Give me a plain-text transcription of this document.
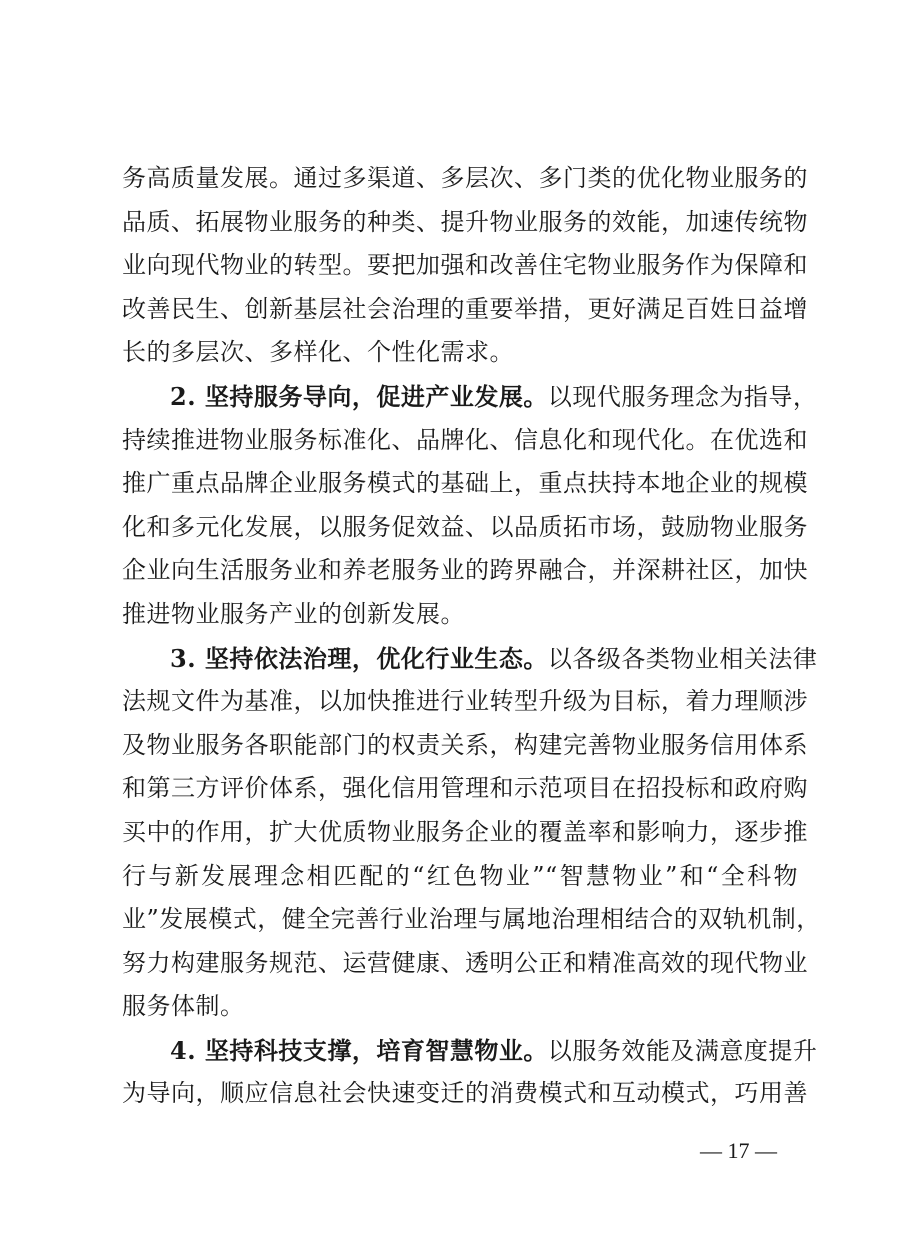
务高质量发展。通过多渠道、多层次、多门类的优化物业服务的
品质、拓展物业服务的种类、提升物业服务的效能，加速传统物
业向现代物业的转型。要把加强和改善住宅物业服务作为保障和
改善民生、创新基层社会治理的重要举措，更好满足百姓日益增
长的多层次、多样化、个性化需求。
2. 坚持服务导向，促进产业发展。以现代服务理念为指导，
持续推进物业服务标准化、品牌化、信息化和现代化。在优选和
推广重点品牌企业服务模式的基础上，重点扶持本地企业的规模
化和多元化发展，以服务促效益、以品质拓市场，鼓励物业服务
企业向生活服务业和养老服务业的跨界融合，并深耕社区，加快
推进物业服务产业的创新发展。
3. 坚持依法治理，优化行业生态。以各级各类物业相关法律
法规文件为基准，以加快推进行业转型升级为目标，着力理顺涉
及物业服务各职能部门的权责关系，构建完善物业服务信用体系
和第三方评价体系，强化信用管理和示范项目在招投标和政府购
买中的作用，扩大优质物业服务企业的覆盖率和影响力，逐步推
行与新发展理念相匹配的“红色物业”“智慧物业”和“全科物
业”发展模式，健全完善行业治理与属地治理相结合的双轨机制，
努力构建服务规范、运营健康、透明公正和精准高效的现代物业
服务体制。
4. 坚持科技支撑，培育智慧物业。以服务效能及满意度提升
为导向，顺应信息社会快速变迁的消费模式和互动模式，巧用善
— 17 —
